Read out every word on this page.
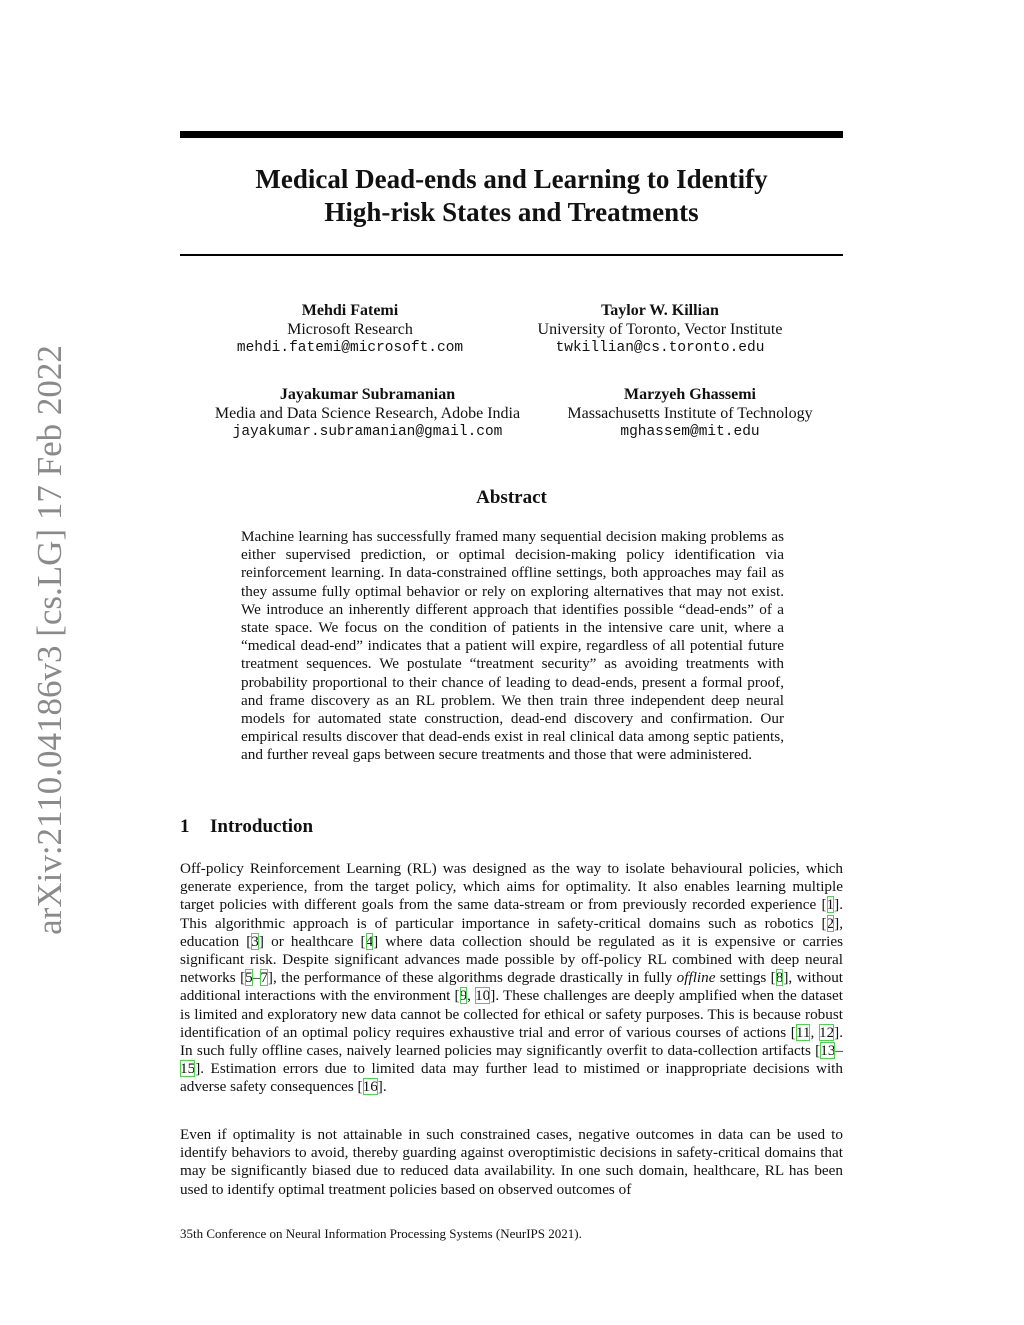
arXiv:2110.04186v3 [cs.LG] 17 Feb 2022
Medical Dead-ends and Learning to Identify
High-risk States and Treatments
Mehdi Fatemi
Microsoft Research
mehdi.fatemi@microsoft.com
Taylor W. Killian
University of Toronto, Vector Institute
twkillian@cs.toronto.edu
Jayakumar Subramanian
Media and Data Science Research, Adobe India
jayakumar.subramanian@gmail.com
Marzyeh Ghassemi
Massachusetts Institute of Technology
mghassem@mit.edu
Abstract

Machine learning has successfully framed many sequential decision making problems as either supervised prediction, or optimal decision-making policy identification via reinforcement learning. In data-constrained offline settings, both approaches may fail as they assume fully optimal behavior or rely on exploring alternatives that may not exist. We introduce an inherently different approach that identifies possible “dead-ends” of a state space. We focus on the condition of patients in the intensive care unit, where a “medical dead-end” indicates that a patient will expire, regardless of all potential future treatment sequences. We postulate “treatment security” as avoiding treatments with probability proportional to their chance of leading to dead-ends, present a formal proof, and frame discovery as an RL problem. We then train three independent deep neural models for automated state construction, dead-end discovery and confirmation. Our empirical results discover that dead-ends exist in real clinical data among septic patients, and further reveal gaps between secure treatments and those that were administered.

1 Introduction

Off-policy Reinforcement Learning (RL) was designed as the way to isolate behavioural policies, which generate experience, from the target policy, which aims for optimality. It also enables learning multiple target policies with different goals from the same data-stream or from previously recorded experience [1]. This algorithmic approach is of particular importance in safety-critical domains such as robotics [2], education [3] or healthcare [4] where data collection should be regulated as it is expensive or carries significant risk. Despite significant advances made possible by off-policy RL combined with deep neural networks [5–7], the performance of these algorithms degrade drastically in fully offline settings [8], without additional interactions with the environment [9, 10]. These challenges are deeply amplified when the dataset is limited and exploratory new data cannot be collected for ethical or safety purposes. This is because robust identification of an optimal policy requires exhaustive trial and error of various courses of actions [11, 12]. In such fully offline cases, naively learned policies may significantly overfit to data-collection artifacts [13–15]. Estimation errors due to limited data may further lead to mistimed or inappropriate decisions with adverse safety consequences [16].

Even if optimality is not attainable in such constrained cases, negative outcomes in data can be used to identify behaviors to avoid, thereby guarding against overoptimistic decisions in safety-critical domains that may be significantly biased due to reduced data availability. In one such domain, healthcare, RL has been used to identify optimal treatment policies based on observed outcomes of

35th Conference on Neural Information Processing Systems (NeurIPS 2021).
